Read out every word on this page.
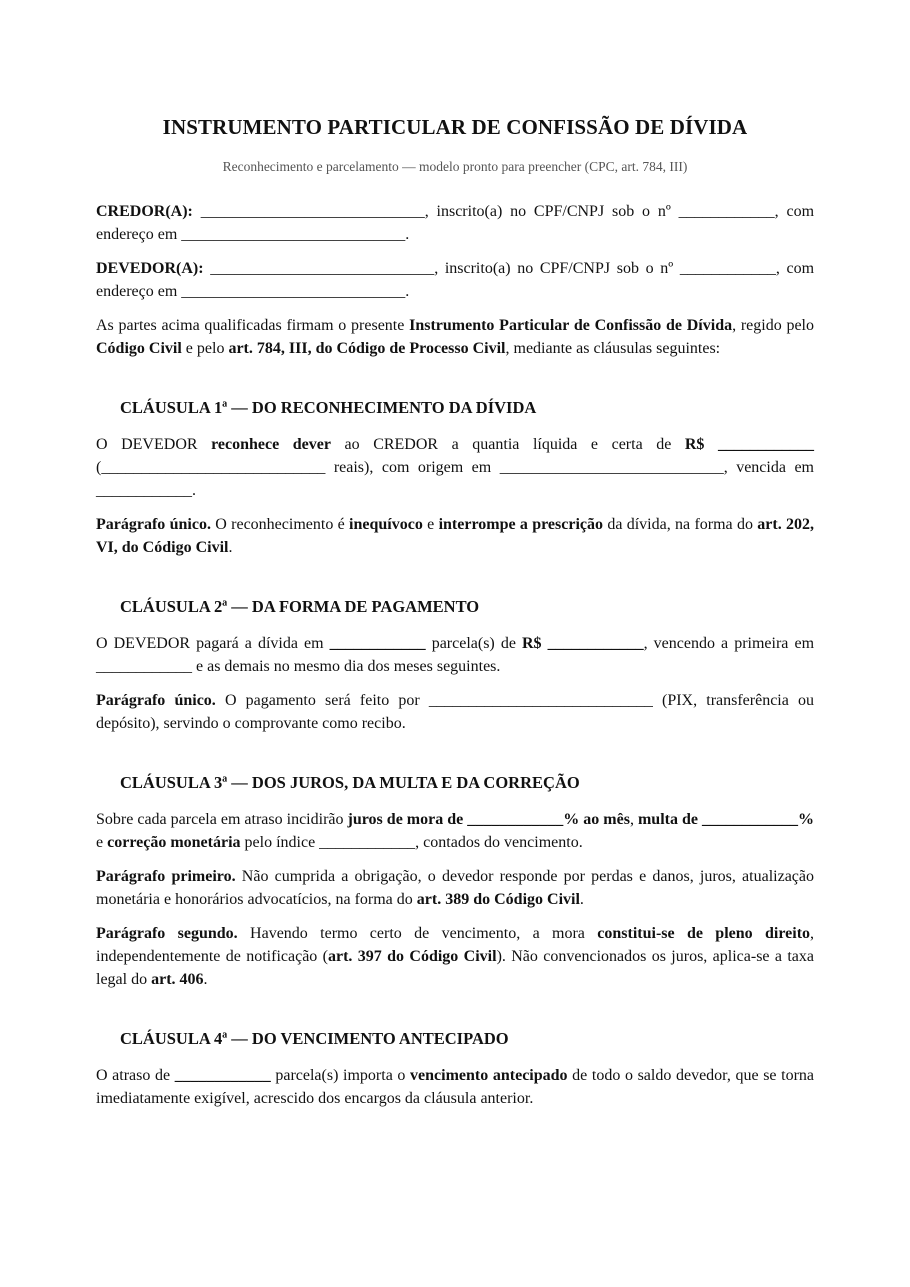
INSTRUMENTO PARTICULAR DE CONFISSÃO DE DÍVIDA
Reconhecimento e parcelamento — modelo pronto para preencher (CPC, art. 784, III)

CREDOR(A): ____________________________, inscrito(a) no CPF/CNPJ sob o nº ____________, com endereço em ____________________________.

DEVEDOR(A): ____________________________, inscrito(a) no CPF/CNPJ sob o nº ____________, com endereço em ____________________________.

As partes acima qualificadas firmam o presente Instrumento Particular de Confissão de Dívida, regido pelo Código Civil e pelo art. 784, III, do Código de Processo Civil, mediante as cláusulas seguintes:

CLÁUSULA 1ª — DO RECONHECIMENTO DA DÍVIDA

O DEVEDOR reconhece dever ao CREDOR a quantia líquida e certa de R$ ____________ (____________________________ reais), com origem em ____________________________, vencida em ____________.

Parágrafo único. O reconhecimento é inequívoco e interrompe a prescrição da dívida, na forma do art. 202, VI, do Código Civil.

CLÁUSULA 2ª — DA FORMA DE PAGAMENTO

O DEVEDOR pagará a dívida em ____________ parcela(s) de R$ ____________, vencendo a primeira em ____________ e as demais no mesmo dia dos meses seguintes.

Parágrafo único. O pagamento será feito por ____________________________ (PIX, transferência ou depósito), servindo o comprovante como recibo.

CLÁUSULA 3ª — DOS JUROS, DA MULTA E DA CORREÇÃO

Sobre cada parcela em atraso incidirão juros de mora de ____________% ao mês, multa de ____________% e correção monetária pelo índice ____________, contados do vencimento.

Parágrafo primeiro. Não cumprida a obrigação, o devedor responde por perdas e danos, juros, atualização monetária e honorários advocatícios, na forma do art. 389 do Código Civil.

Parágrafo segundo. Havendo termo certo de vencimento, a mora constitui-se de pleno direito, independentemente de notificação (art. 397 do Código Civil). Não convencionados os juros, aplica-se a taxa legal do art. 406.

CLÁUSULA 4ª — DO VENCIMENTO ANTECIPADO

O atraso de ____________ parcela(s) importa o vencimento antecipado de todo o saldo devedor, que se torna imediatamente exigível, acrescido dos encargos da cláusula anterior.
